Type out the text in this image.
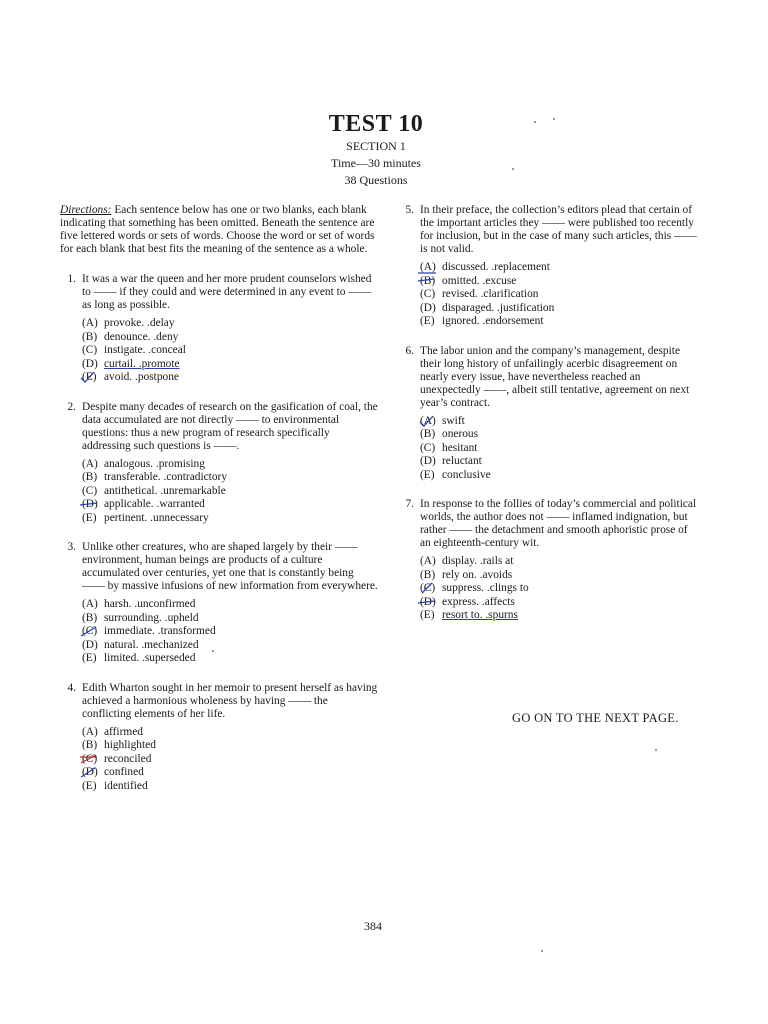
TEST 10
SECTION 1
Time—30 minutes
38 Questions

Directions: Each sentence below has one or two blanks, each blank indicating that something has been omitted. Beneath the sentence are five lettered words or sets of words. Choose the word or set of words for each blank that best fits the meaning of the sentence as a whole.

1. It was a war the queen and her more prudent counselors wished to —— if they could and were determined in any event to —— as long as possible.
(A) provoke. .delay
(B) denounce. .deny
(C) instigate. .conceal
(D) curtail. .promote
(E) avoid. .postpone
2. Despite many decades of research on the gasification of coal, the data accumulated are not directly —— to environmental questions: thus a new program of research specifically addressing such questions is ——.
(A) analogous. .promising
(B) transferable. .contradictory
(C) antithetical. .unremarkable
(D) applicable. .warranted
(E) pertinent. .unnecessary
3. Unlike other creatures, who are shaped largely by their —— environment, human beings are products of a culture accumulated over centuries, yet one that is constantly being —— by massive infusions of new information from everywhere.
(A) harsh. .unconfirmed
(B) surrounding. .upheld
(C) immediate. .transformed
(D) natural. .mechanized
(E) limited. .superseded
4. Edith Wharton sought in her memoir to present herself as having achieved a harmonious wholeness by having —— the conflicting elements of her life.
(A) affirmed
(B) highlighted
(C) reconciled
(D) confined
(E) identified
5. In their preface, the collection’s editors plead that certain of the important articles they —— were published too recently for inclusion, but in the case of many such articles, this —— is not valid.
(A) discussed. .replacement
(B) omitted. .excuse
(C) revised. .clarification
(D) disparaged. .justification
(E) ignored. .endorsement
6. The labor union and the company’s management, despite their long history of unfailingly acerbic disagreement on nearly every issue, have nevertheless reached an unexpectedly ——, albeit still tentative, agreement on next year’s contract.
(A) swift
(B) onerous
(C) hesitant
(D) reluctant
(E) conclusive
7. In response to the follies of today’s commercial and political worlds, the author does not —— inflamed indignation, but rather —— the detachment and smooth aphoristic prose of an eighteenth-century wit.
(A) display. .rails at
(B) rely on. .avoids
(C) suppress. .clings to
(D) express. .affects
(E) resort to. .spurns
GO ON TO THE NEXT PAGE.
384
